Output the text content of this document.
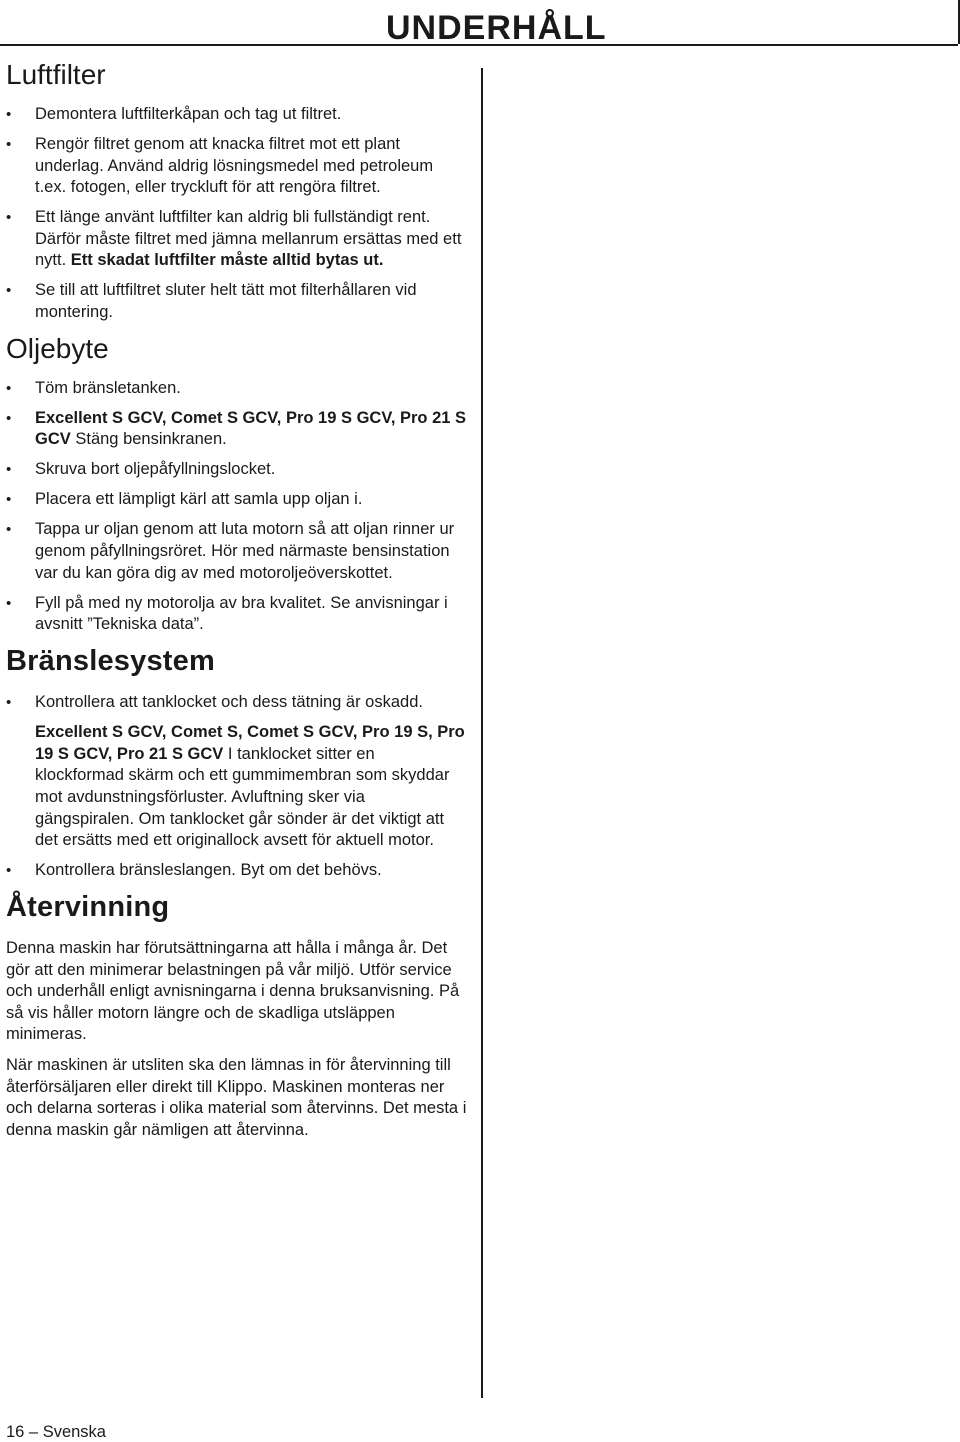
UNDERHÅLL
Luftfilter
• Demontera luftfilterkåpan och tag ut filtret.
• Rengör filtret genom att knacka filtret mot ett plant underlag. Använd aldrig lösningsmedel med petroleum t.ex. fotogen, eller tryckluft för att rengöra filtret.
• Ett länge använt luftfilter kan aldrig bli fullständigt rent. Därför måste filtret med jämna mellanrum ersättas med ett nytt. Ett skadat luftfilter måste alltid bytas ut.
• Se till att luftfiltret sluter helt tätt mot filterhållaren vid montering.
Oljebyte
• Töm bränsletanken.
• Excellent S GCV, Comet S GCV, Pro 19 S GCV, Pro 21 S GCV Stäng bensinkranen.
• Skruva bort oljepåfyllningslocket.
• Placera ett lämpligt kärl att samla upp oljan i.
• Tappa ur oljan genom att luta motorn så att oljan rinner ur genom påfyllningsröret. Hör med närmaste bensinstation var du kan göra dig av med motoroljeöverskottet.
• Fyll på med ny motorolja av bra kvalitet. Se anvisningar i avsnitt ”Tekniska data”.
Bränslesystem
• Kontrollera att tanklocket och dess tätning är oskadd.
Excellent S GCV, Comet S, Comet S GCV, Pro 19 S, Pro 19 S GCV, Pro 21 S GCV I tanklocket sitter en klockformad skärm och ett gummimembran som skyddar mot avdunstningsförluster. Avluftning sker via gängspiralen. Om tanklocket går sönder är det viktigt att det ersätts med ett originallock avsett för aktuell motor.
• Kontrollera bränsleslangen. Byt om det behövs.
Återvinning

Denna maskin har förutsättningarna att hålla i många år. Det gör att den minimerar belastningen på vår miljö. Utför service och underhåll enligt avnisningarna i denna bruksanvisning. På så vis håller motorn längre och de skadliga utsläppen minimeras.

När maskinen är utsliten ska den lämnas in för återvinning till återförsäljaren eller direkt till Klippo. Maskinen monteras ner och delarna sorteras i olika material som återvinns. Det mesta i denna maskin går nämligen att återvinna.

16 – Svenska
